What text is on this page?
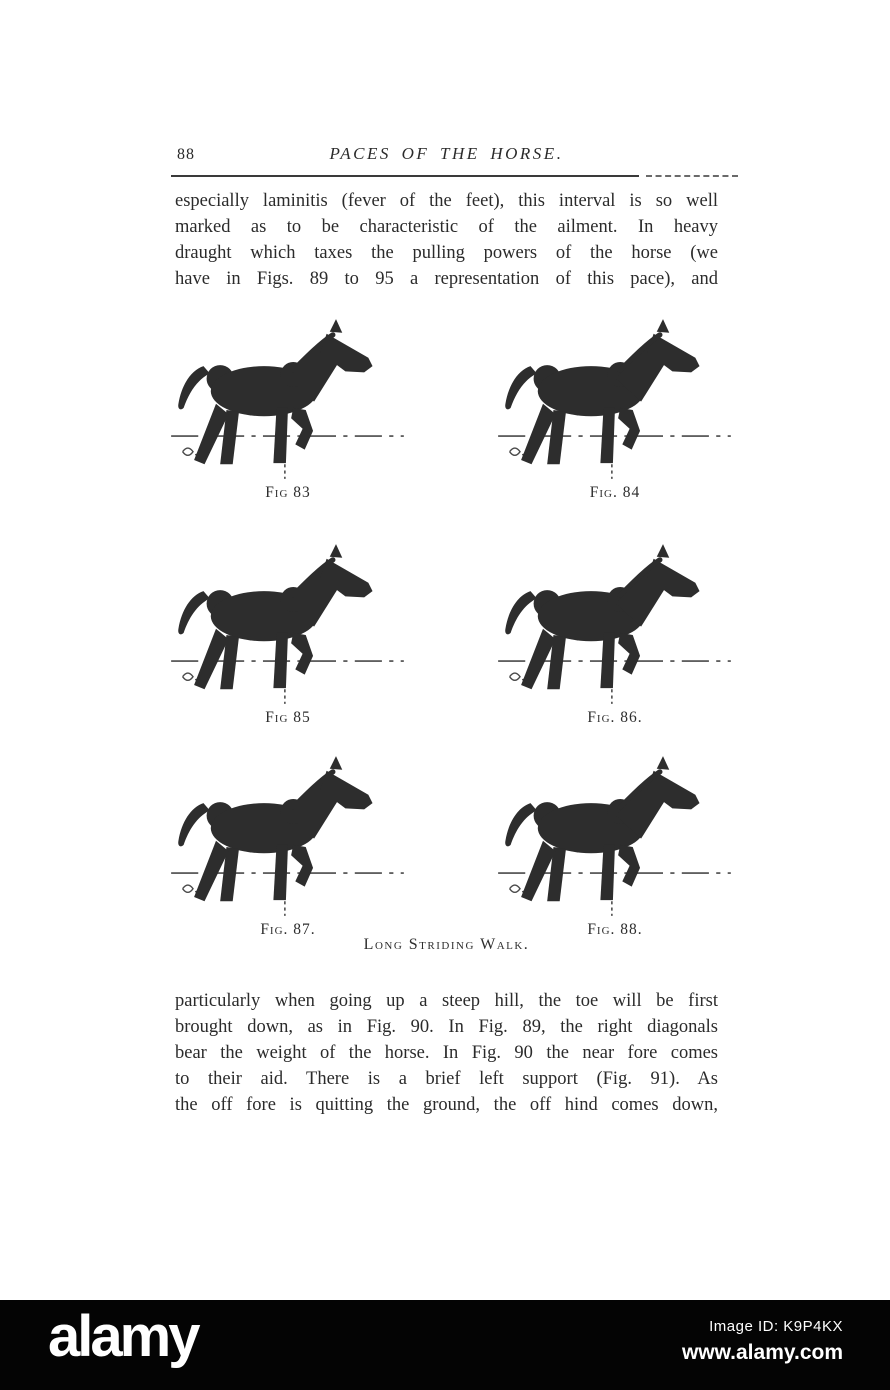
88	PACES OF THE HORSE.
especially laminitis (fever of the feet), this interval is so well
marked as to be characteristic of the ailment. In heavy
draught which taxes the pulling powers of the horse (we
have in Figs. 89 to 95 a representation of this pace), and
Fig 83	Fig. 84
Fig 85	Fig. 86.
Fig. 87.	Fig. 88.
Long Striding Walk.
particularly when going up a steep hill, the toe will be first
brought down, as in Fig. 90. In Fig. 89, the right diagonals
bear the weight of the horse. In Fig. 90 the near fore comes
to their aid. There is a brief left support (Fig. 91). As
the off fore is quitting the ground, the off hind comes down,
alamy	Image ID: K9P4KX
www.alamy.com
